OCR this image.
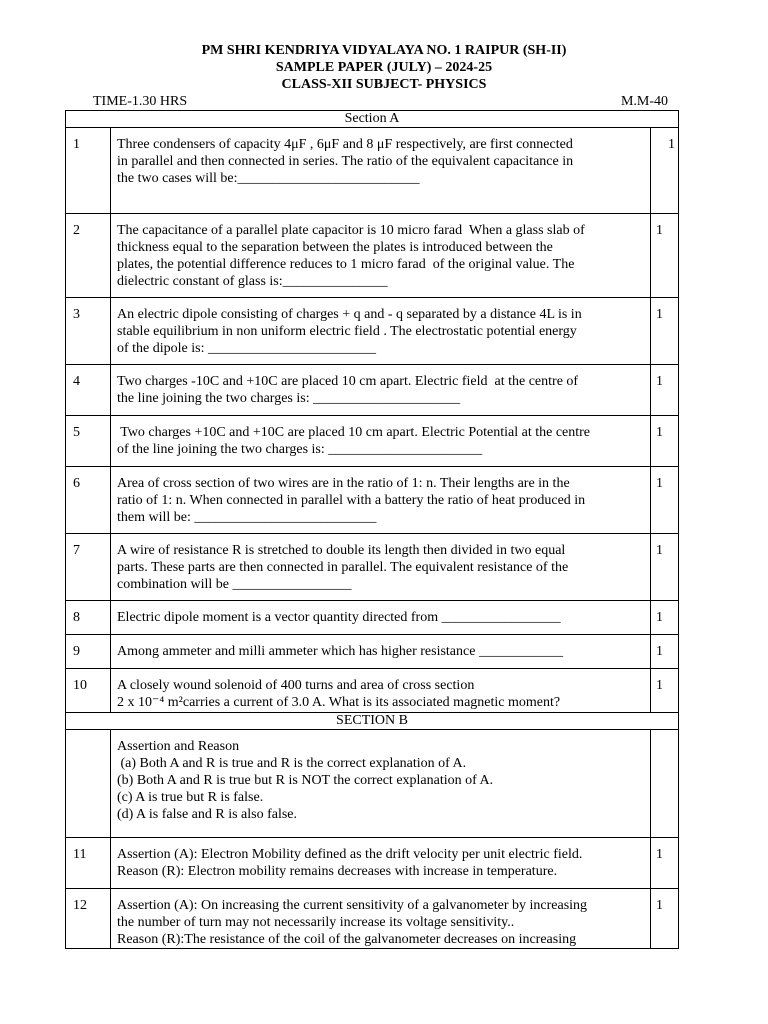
PM SHRI KENDRIYA VIDYALAYA NO. 1 RAIPUR (SH-II)
SAMPLE PAPER (JULY) – 2024-25
CLASS-XII SUBJECT- PHYSICS
TIME-1.30 HRS	M.M-40
Section A		
1	Three condensers of capacity 4μF , 6μF and 8 μF respectively, are first connected
in parallel and then connected in series. The ratio of the equivalent capacitance in
the two cases will be:__________________________	1
2	The capacitance of a parallel plate capacitor is 10 micro farad  When a glass slab of
thickness equal to the separation between the plates is introduced between the
plates, the potential difference reduces to 1 micro farad  of the original value. The
dielectric constant of glass is:_______________	1
3	An electric dipole consisting of charges + q and - q separated by a distance 4L is in
stable equilibrium in non uniform electric field . The electrostatic potential energy
of the dipole is: ________________________	1
4	Two charges -10C and +10C are placed 10 cm apart. Electric field  at the centre of
the line joining the two charges is: _____________________	1
5	Two charges +10C and +10C are placed 10 cm apart. Electric Potential at the centre
of the line joining the two charges is: ______________________	1
6	Area of cross section of two wires are in the ratio of 1: n. Their lengths are in the
ratio of 1: n. When connected in parallel with a battery the ratio of heat produced in
them will be: __________________________	1
7	A wire of resistance R is stretched to double its length then divided in two equal
parts. These parts are then connected in parallel. The equivalent resistance of the
combination will be _________________	1
8	Electric dipole moment is a vector quantity directed from _________________	1
9	Among ammeter and milli ammeter which has higher resistance ____________	1
10	A closely wound solenoid of 400 turns and area of cross section
2 x 10⁻⁴ m²carries a current of 3.0 A. What is its associated magnetic moment?	1
SECTION B		

	Assertion and Reason
(a) Both A and R is true and R is the correct explanation of A.
(b) Both A and R is true but R is NOT the correct explanation of A.
(c) A is true but R is false.
(d) A is false and R is also false.	

11	Assertion (A): Electron Mobility defined as the drift velocity per unit electric field.
Reason (R): Electron mobility remains decreases with increase in temperature.	1
12	Assertion (A): On increasing the current sensitivity of a galvanometer by increasing
the number of turn may not necessarily increase its voltage sensitivity..
Reason (R):The resistance of the coil of the galvanometer decreases on increasing	1
